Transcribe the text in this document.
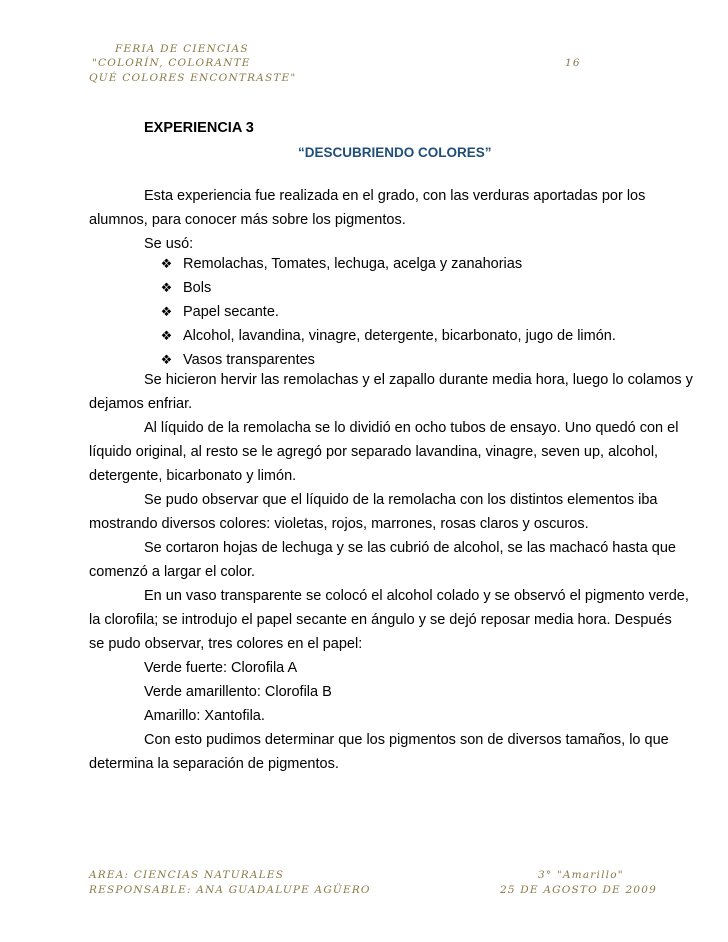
FERIA DE CIENCIAS
"COLORÍN, COLORANTE
QUÉ COLORES ENCONTRASTE"
16
EXPERIENCIA 3
“DESCUBRIENDO COLORES”
Esta experiencia fue realizada en el grado, con las verduras aportadas por los
alumnos, para conocer más sobre los pigmentos.
Se usó:
❖ Remolachas, Tomates, lechuga, acelga y zanahorias
❖ Bols
❖ Papel secante.
❖ Alcohol, lavandina, vinagre, detergente, bicarbonato, jugo de limón.
❖ Vasos transparentes
Se hicieron hervir las remolachas y el zapallo durante media hora, luego lo colamos y
dejamos enfriar.
Al líquido de la remolacha se lo dividió en ocho tubos de ensayo. Uno quedó con el
líquido original, al resto se le agregó por separado lavandina, vinagre, seven up, alcohol,
detergente, bicarbonato y limón.
Se pudo observar que el líquido de la remolacha con los distintos elementos iba
mostrando diversos colores: violetas, rojos, marrones, rosas claros y oscuros.
Se cortaron hojas de lechuga y se las cubrió de alcohol, se las machacó hasta que
comenzó a largar el color.
En un vaso transparente se colocó el alcohol colado y se observó el pigmento verde,
la clorofila; se introdujo el papel secante en ángulo y se dejó reposar media hora. Después
se pudo observar, tres colores en el papel:
Verde fuerte: Clorofila A
Verde amarillento: Clorofila B
Amarillo: Xantofila.
Con esto pudimos determinar que los pigmentos son de diversos tamaños, lo que
determina la separación de pigmentos.
AREA: CIENCIAS NATURALES
RESPONSABLE: ANA GUADALUPE AGÜERO
3° "Amarillo"
25 DE AGOSTO DE 2009
